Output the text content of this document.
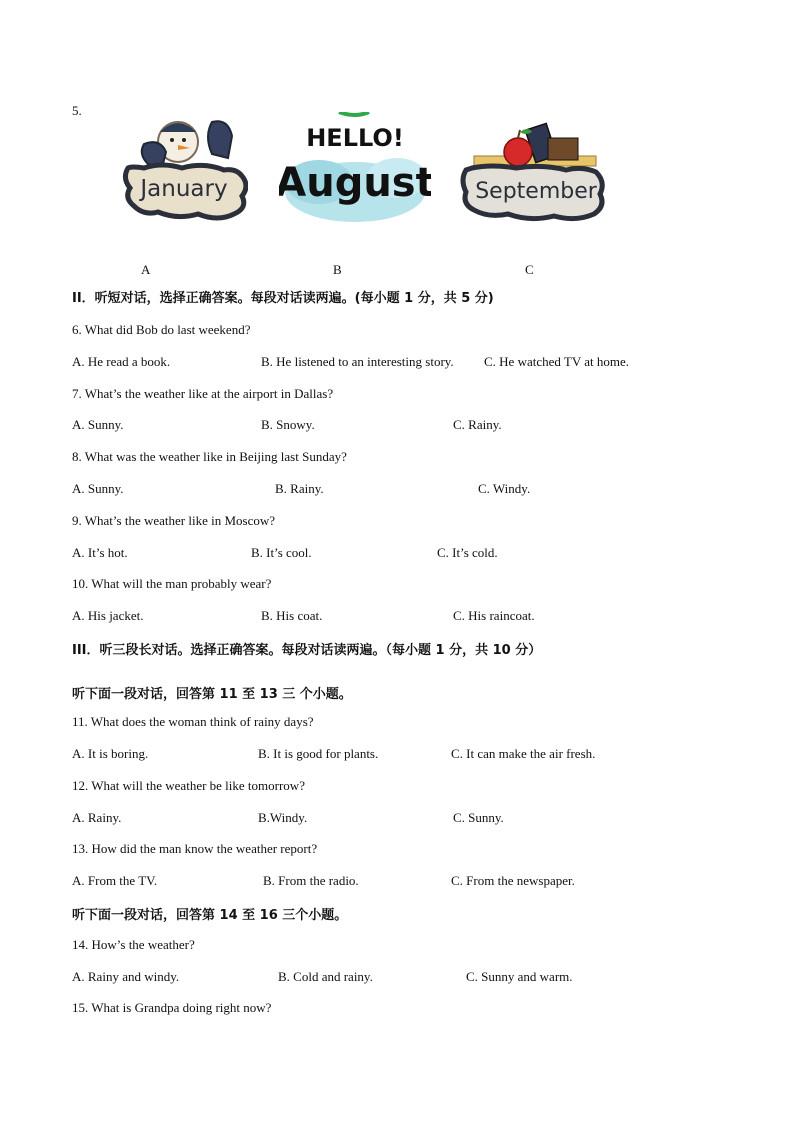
5.
January
HELLO!
August September
A	B	C
II．听短对话，选择正确答案。每段对话读两遍。(每小题 1 分，共 5 分)
6. What did Bob do last weekend?
A. He read a book.	B. He listened to an interesting story. C. He watched TV at home.
7. What’s the weather like at the airport in Dallas?
A. Sunny.	B. Snowy.	C. Rainy.
8. What was the weather like in Beijing last Sunday?
A. Sunny.	B. Rainy.	C. Windy.
9. What’s the weather like in Moscow?
A. It’s hot.	B. It’s cool.	C. It’s cold.
10. What will the man probably wear?
A. His jacket.	B. His coat.	C. His raincoat.
III．听三段长对话。选择正确答案。每段对话读两遍。（每小题 1 分，共 10 分）
听下面一段对话，回答第 11 至 13 三 个小题。
11. What does the woman think of rainy days?
A. It is boring.	B. It is good for plants.	C. It can make the air fresh.
12. What will the weather be like tomorrow?
A. Rainy.	B.Windy.	C. Sunny.
13. How did the man know the weather report?
A. From the TV.	B. From the radio.	C. From the newspaper.
听下面一段对话，回答第 14 至 16 三个小题。
14. How’s the weather?
A. Rainy and windy.	B. Cold and rainy.	C. Sunny and warm.
15. What is Grandpa doing right now?
